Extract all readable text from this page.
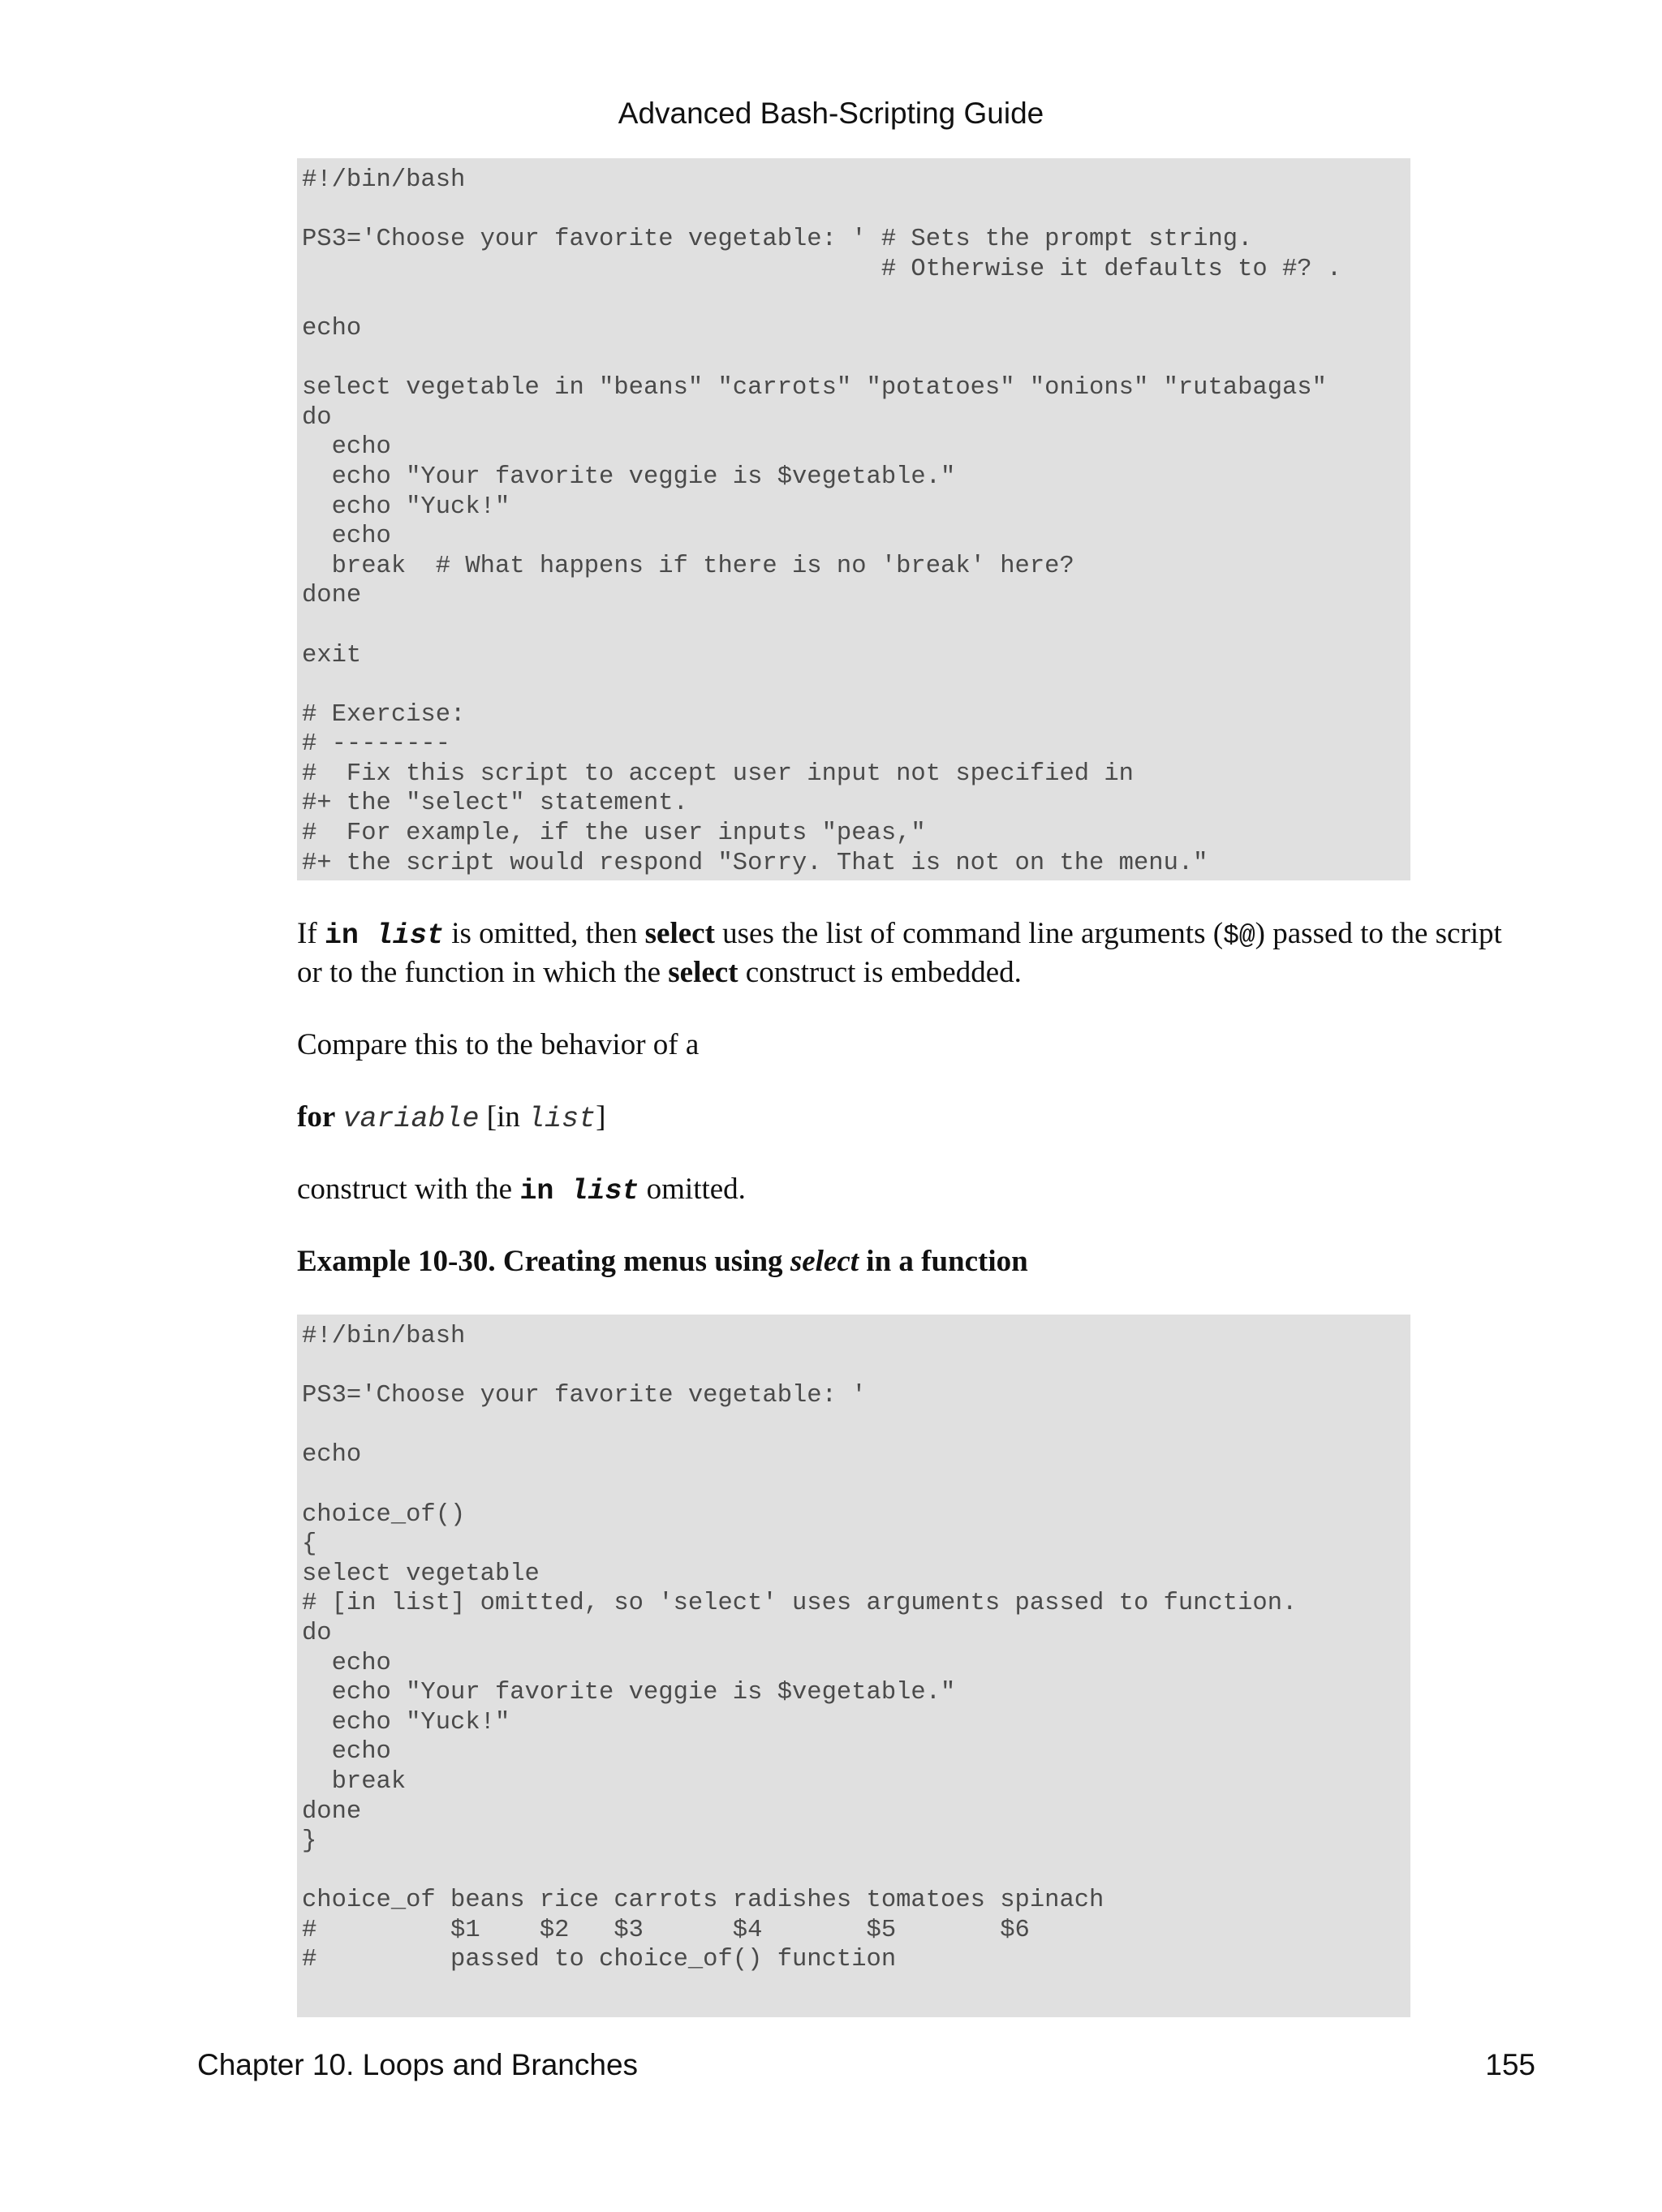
Advanced Bash-Scripting Guide
#!/bin/bash

PS3='Choose your favorite vegetable: ' # Sets the prompt string.
# Otherwise it defaults to #? .

echo

select vegetable in "beans" "carrots" "potatoes" "onions" "rutabagas"
do
echo
echo "Your favorite veggie is $vegetable."
echo "Yuck!"
echo
break  # What happens if there is no 'break' here?
done

exit

# Exercise:
# --------
#  Fix this script to accept user input not specified in
#+ the "select" statement.
#  For example, if the user inputs "peas,"
#+ the script would respond "Sorry. That is not on the menu."
If in list is omitted, then select uses the list of command line arguments ($@) passed to the script or to the function in which the select construct is embedded.
Compare this to the behavior of a
for variable [in list]
construct with the in list omitted.
Example 10-30. Creating menus using select in a function
#!/bin/bash

PS3='Choose your favorite vegetable: '

echo

choice_of()
{
select vegetable
# [in list] omitted, so 'select' uses arguments passed to function.
do
echo
echo "Your favorite veggie is $vegetable."
echo "Yuck!"
echo
break
done
}

choice_of beans rice carrots radishes tomatoes spinach
#         $1    $2   $3      $4       $5       $6
#         passed to choice_of() function
Chapter 10. Loops and Branches	155
